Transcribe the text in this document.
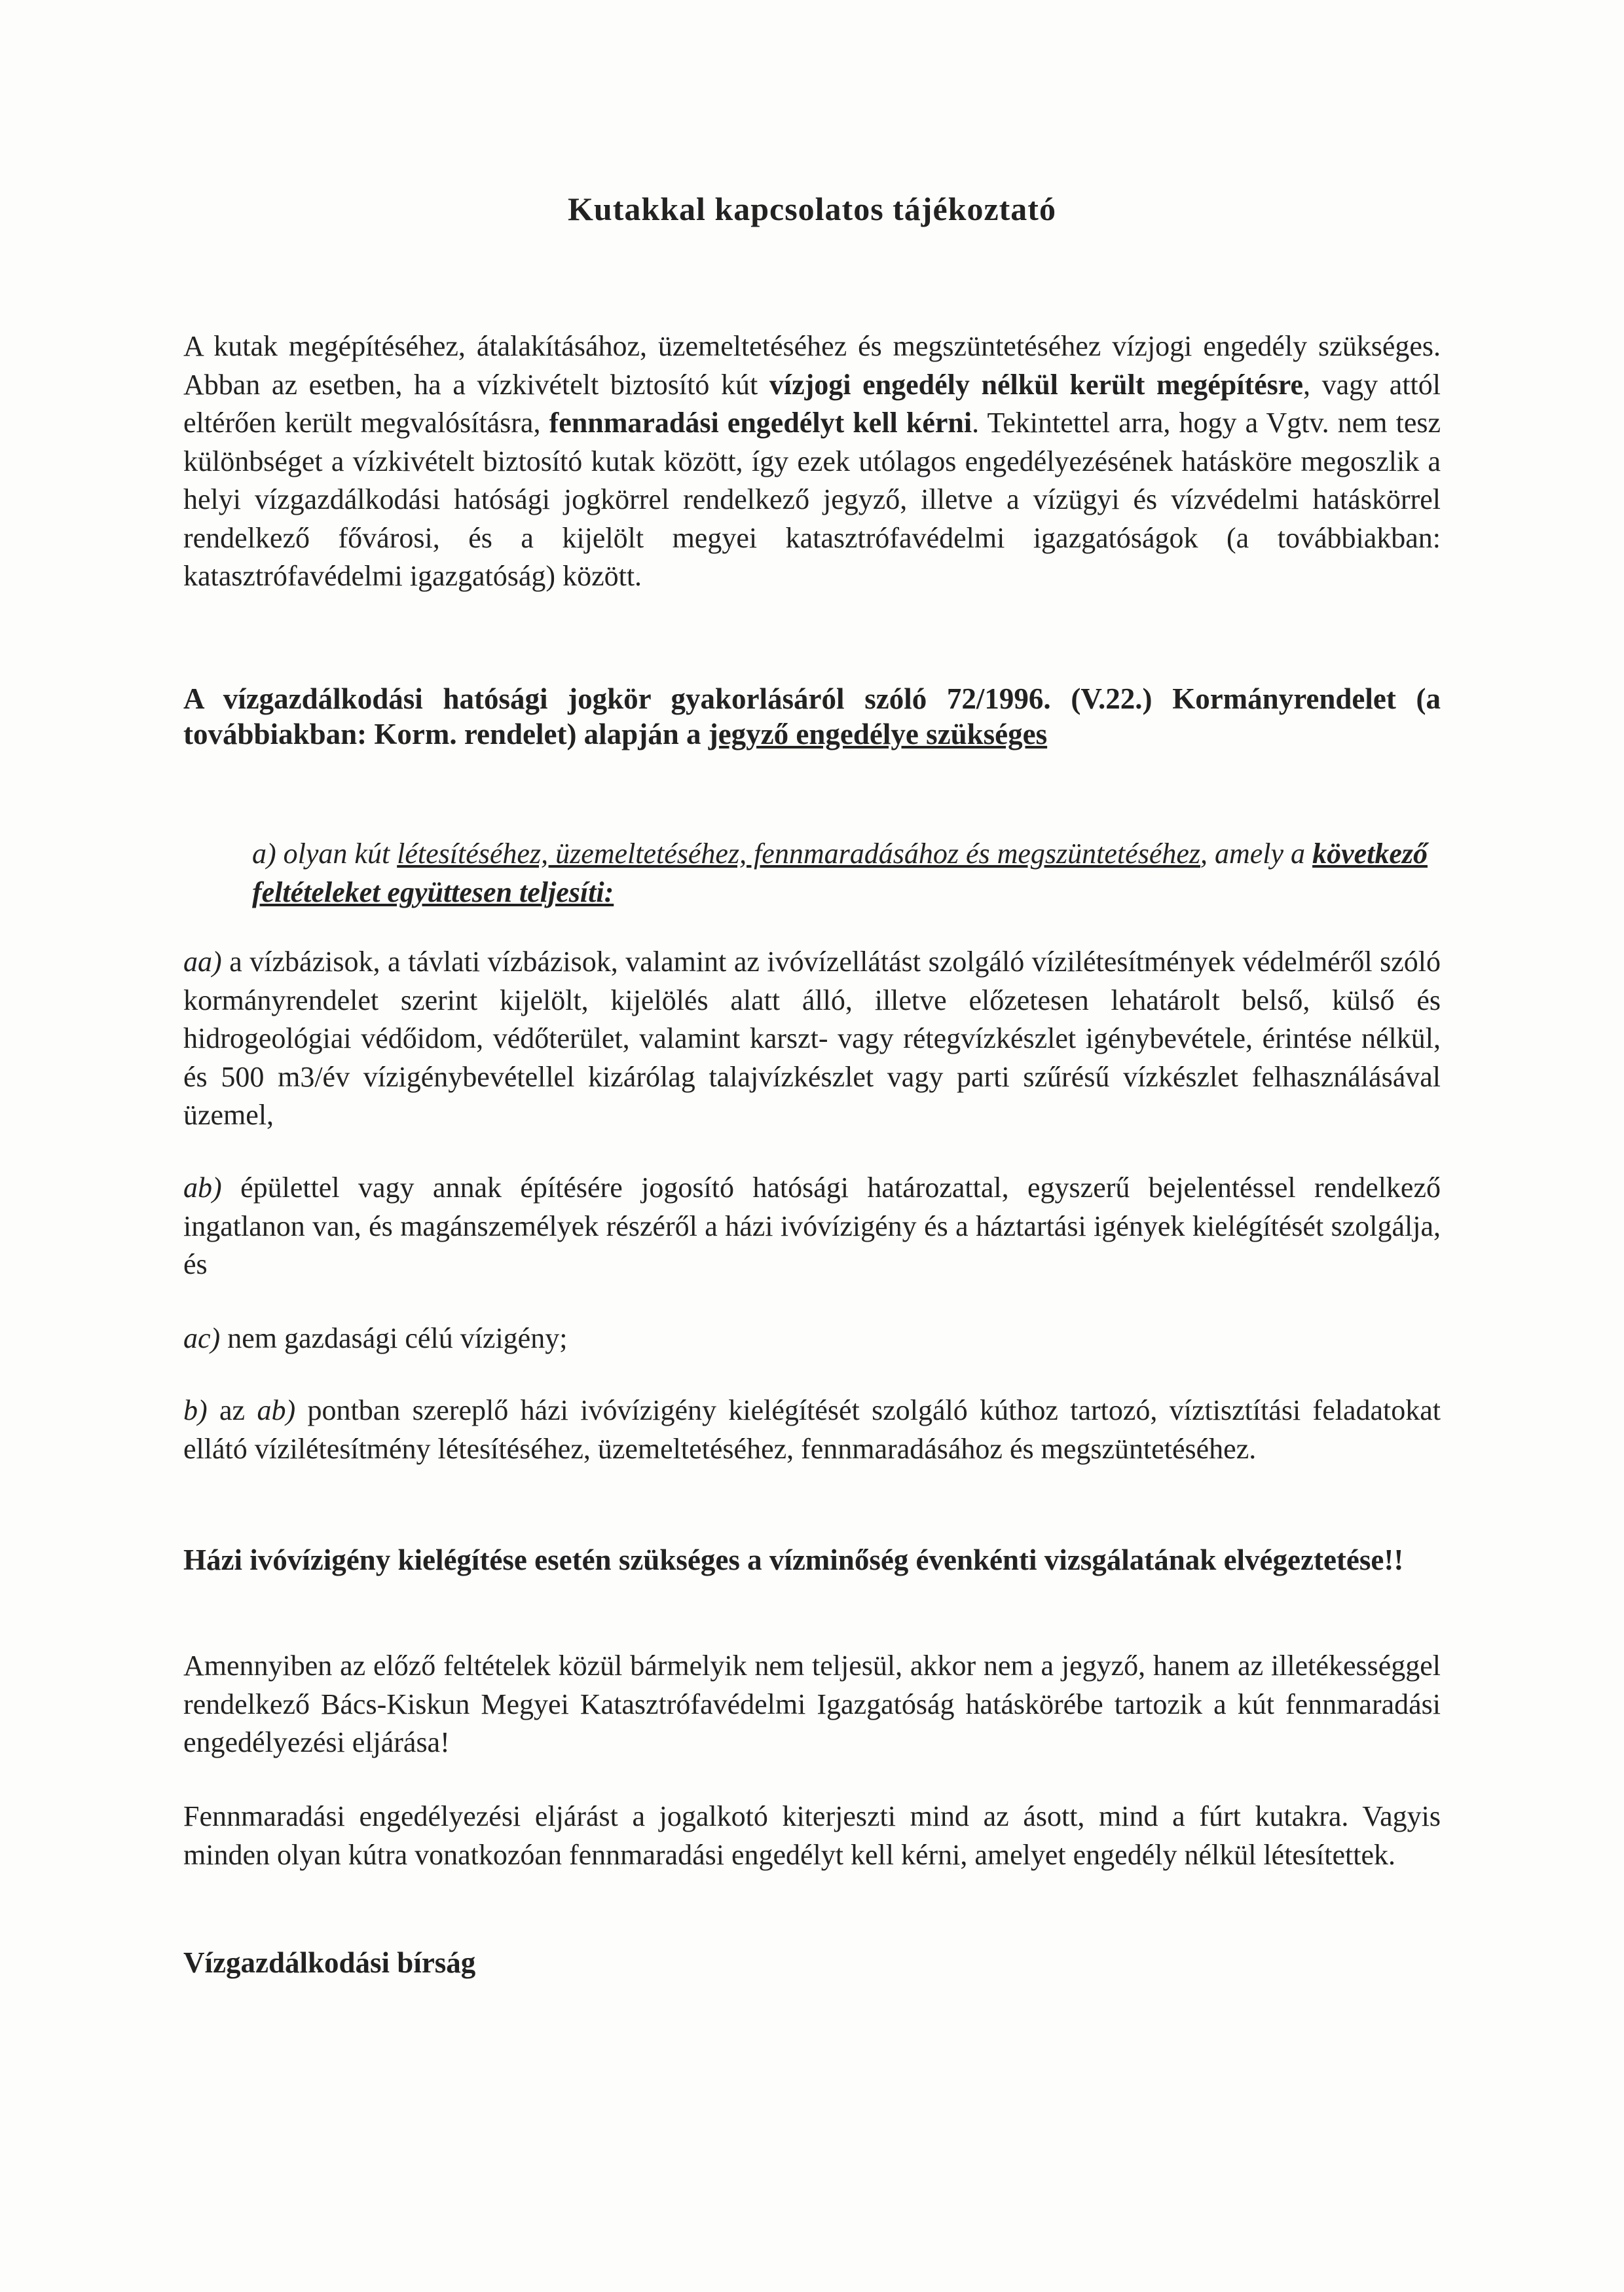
Kutakkal kapcsolatos tájékoztató

A kutak megépítéséhez, átalakításához, üzemeltetéséhez és megszüntetéséhez vízjogi engedély szükséges. Abban az esetben, ha a vízkivételt biztosító kút vízjogi engedély nélkül került megépítésre, vagy attól eltérően került megvalósításra, fennmaradási engedélyt kell kérni. Tekintettel arra, hogy a Vgtv. nem tesz különbséget a vízkivételt biztosító kutak között, így ezek utólagos engedélyezésének hatásköre megoszlik a helyi vízgazdálkodási hatósági jogkörrel rendelkező jegyző, illetve a vízügyi és vízvédelmi hatáskörrel rendelkező fővárosi, és a kijelölt megyei katasztrófavédelmi igazgatóságok (a továbbiakban: katasztrófavédelmi igazgatóság) között.

A vízgazdálkodási hatósági jogkör gyakorlásáról szóló 72/1996. (V.22.) Kormányrendelet (a továbbiakban: Korm. rendelet) alapján a jegyző engedélye szükséges

a) olyan kút létesítéséhez, üzemeltetéséhez, fennmaradásához és megszüntetéséhez, amely a következő feltételeket együttesen teljesíti:

aa) a vízbázisok, a távlati vízbázisok, valamint az ivóvízellátást szolgáló vízilétesítmények védelméről szóló kormányrendelet szerint kijelölt, kijelölés alatt álló, illetve előzetesen lehatárolt belső, külső és hidrogeológiai védőidom, védőterület, valamint karszt- vagy rétegvízkészlet igénybevétele, érintése nélkül, és 500 m3/év vízigénybevétellel kizárólag talajvízkészlet vagy parti szűrésű vízkészlet felhasználásával üzemel,

ab) épülettel vagy annak építésére jogosító hatósági határozattal, egyszerű bejelentéssel rendelkező ingatlanon van, és magánszemélyek részéről a házi ivóvízigény és a háztartási igények kielégítését szolgálja, és

ac) nem gazdasági célú vízigény;

b) az ab) pontban szereplő házi ivóvízigény kielégítését szolgáló kúthoz tartozó, víztisztítási feladatokat ellátó vízilétesítmény létesítéséhez, üzemeltetéséhez, fennmaradásához és megszüntetéséhez.

Házi ivóvízigény kielégítése esetén szükséges a vízminőség évenkénti vizsgálatának elvégeztetése!!

Amennyiben az előző feltételek közül bármelyik nem teljesül, akkor nem a jegyző, hanem az illetékességgel rendelkező Bács-Kiskun Megyei Katasztrófavédelmi Igazgatóság hatáskörébe tartozik a kút fennmaradási engedélyezési eljárása!

Fennmaradási engedélyezési eljárást a jogalkotó kiterjeszti mind az ásott, mind a fúrt kutakra. Vagyis minden olyan kútra vonatkozóan fennmaradási engedélyt kell kérni, amelyet engedély nélkül létesítettek.

Vízgazdálkodási bírság
